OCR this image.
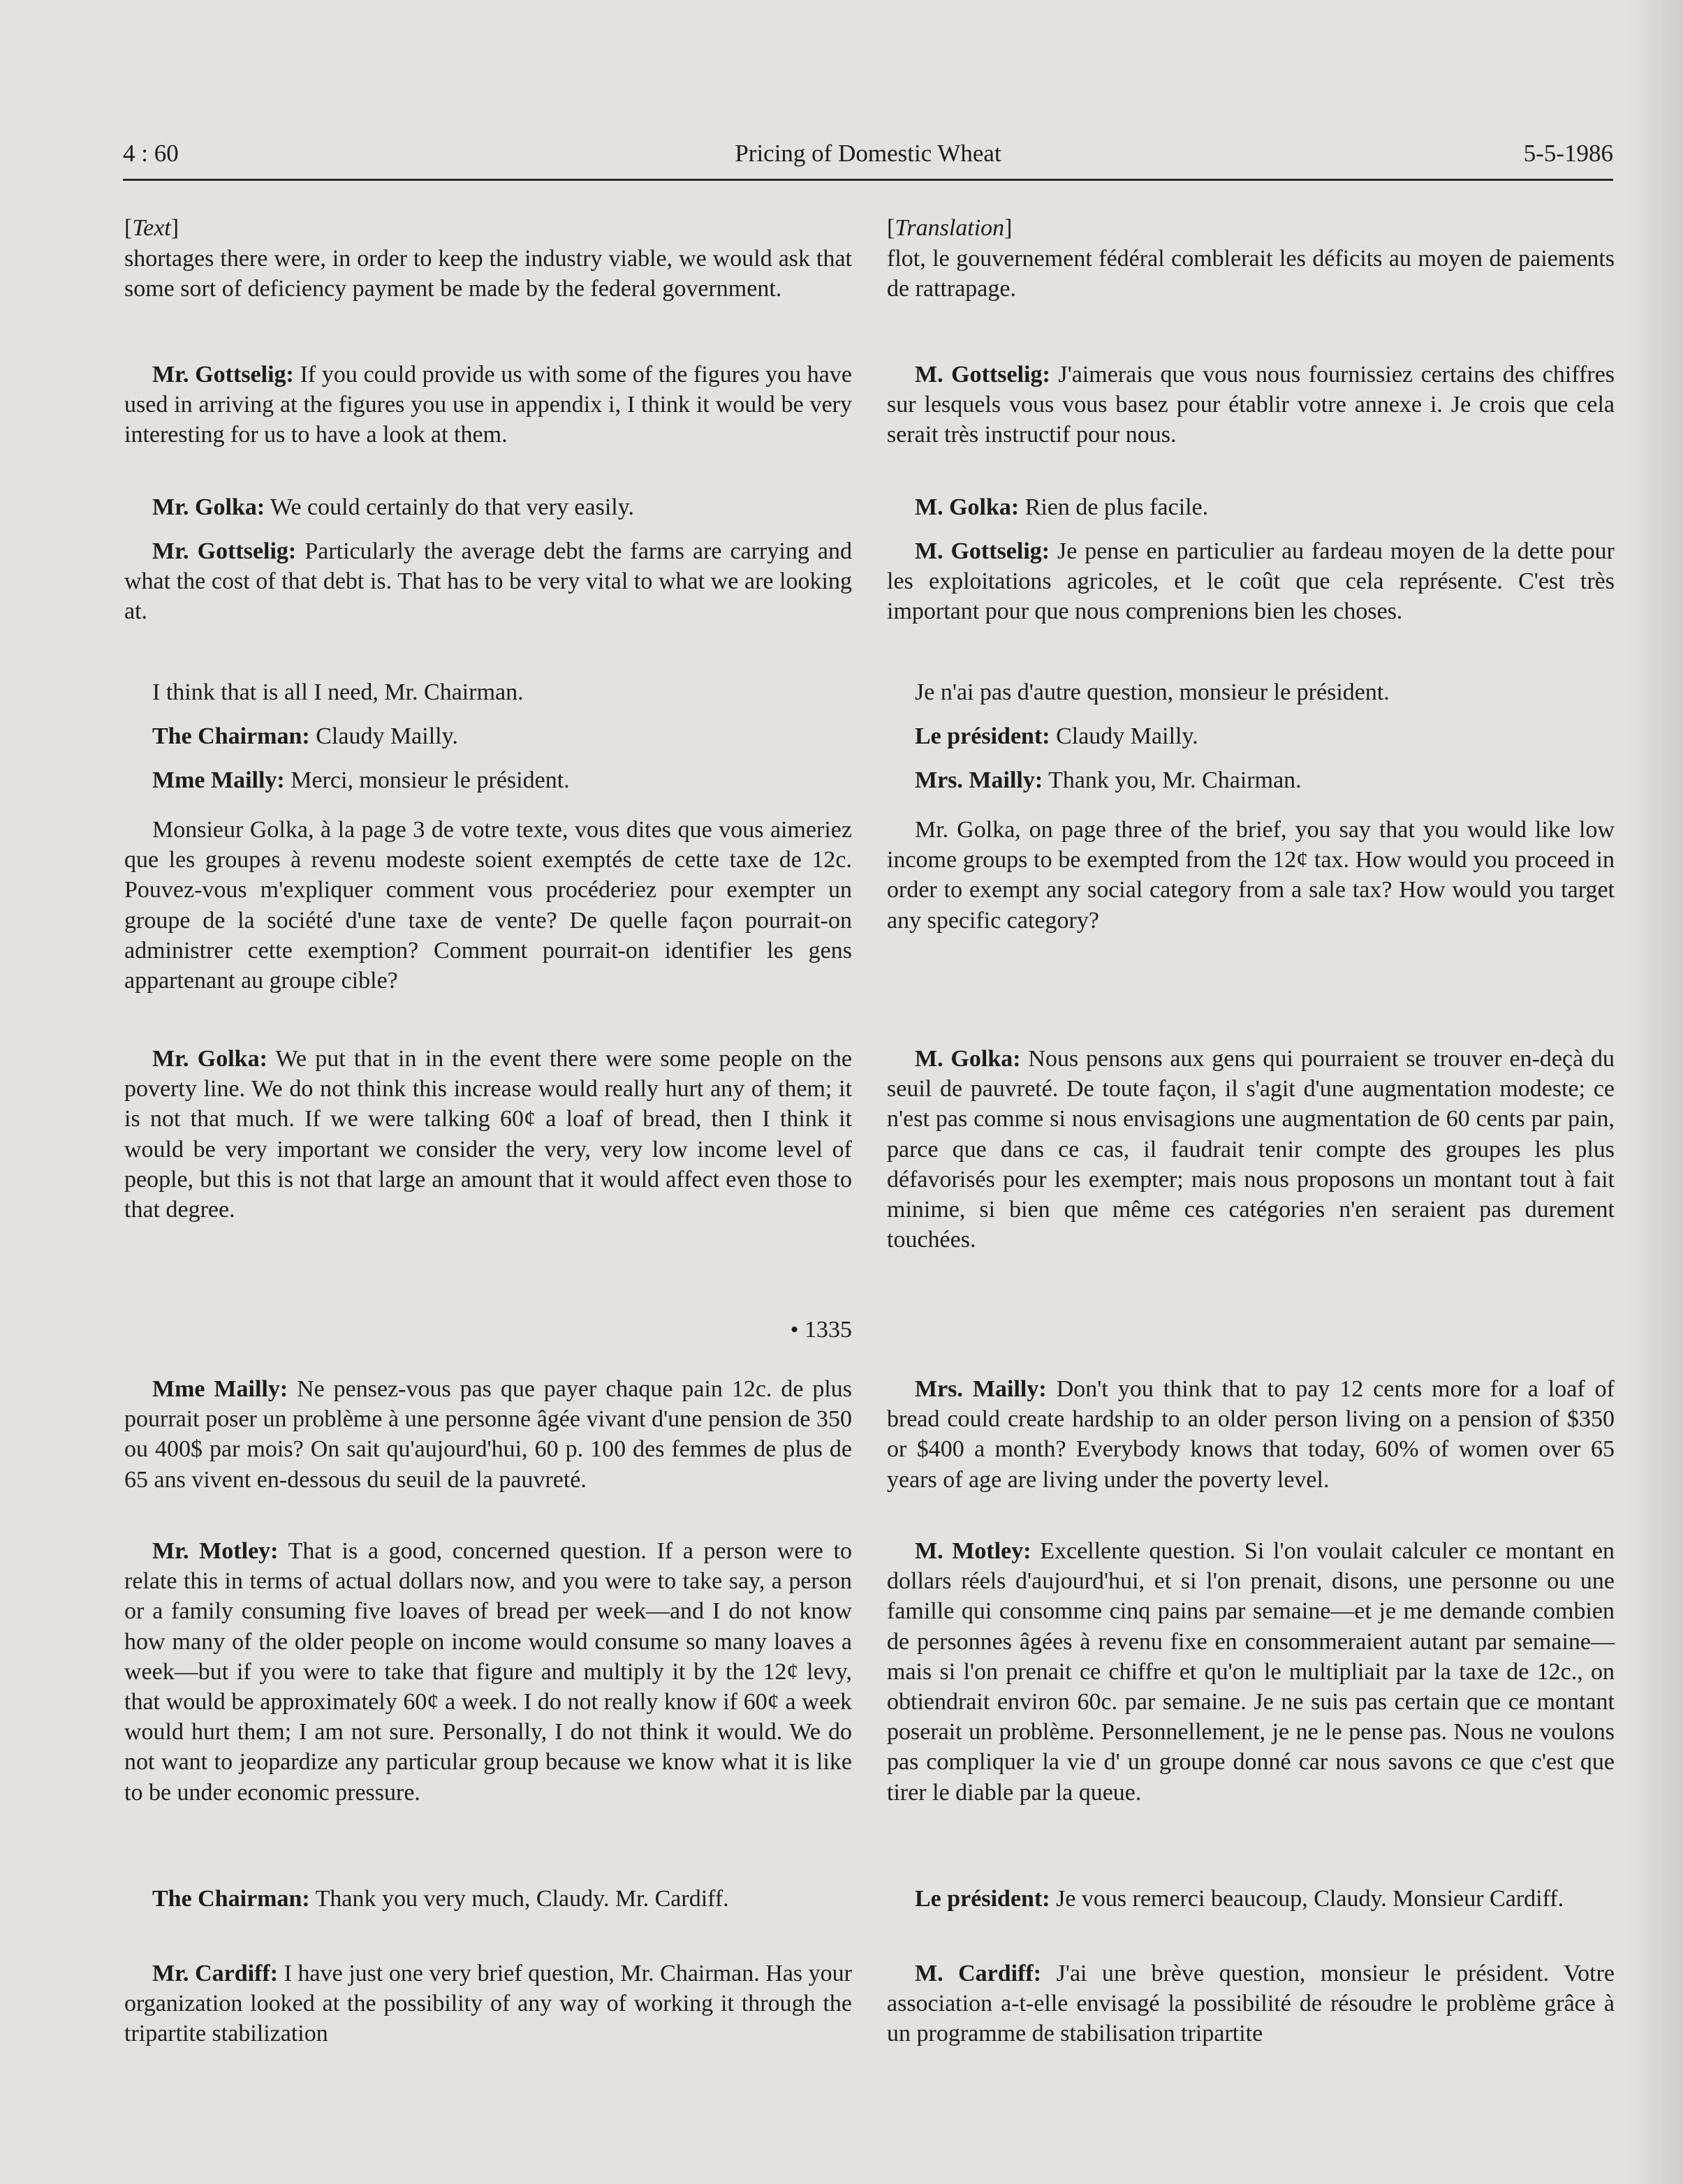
4 : 60	Pricing of Domestic Wheat	5-5-1986

[Text]

shortages there were, in order to keep the industry viable, we would ask that some sort of deficiency payment be made by the federal government.

Mr. Gottselig: If you could provide us with some of the figures you have used in arriving at the figures you use in appendix i, I think it would be very interesting for us to have a look at them.

Mr. Golka: We could certainly do that very easily.

Mr. Gottselig: Particularly the average debt the farms are carrying and what the cost of that debt is. That has to be very vital to what we are looking at.

I think that is all I need, Mr. Chairman.

The Chairman: Claudy Mailly.

Mme Mailly: Merci, monsieur le président.

Monsieur Golka, à la page 3 de votre texte, vous dites que vous aimeriez que les groupes à revenu modeste soient exemptés de cette taxe de 12c. Pouvez-vous m'expliquer comment vous procéderiez pour exempter un groupe de la société d'une taxe de vente? De quelle façon pourrait-on administrer cette exemption? Comment pourrait-on identifier les gens appartenant au groupe cible?

Mr. Golka: We put that in in the event there were some people on the poverty line. We do not think this increase would really hurt any of them; it is not that much. If we were talking 60¢ a loaf of bread, then I think it would be very important we consider the very, very low income level of people, but this is not that large an amount that it would affect even those to that degree.

• 1335

Mme Mailly: Ne pensez-vous pas que payer chaque pain 12c. de plus pourrait poser un problème à une personne âgée vivant d'une pension de 350 ou 400$ par mois? On sait qu'aujourd'hui, 60 p. 100 des femmes de plus de 65 ans vivent en-dessous du seuil de la pauvreté.

Mr. Motley: That is a good, concerned question. If a person were to relate this in terms of actual dollars now, and you were to take say, a person or a family consuming five loaves of bread per week—and I do not know how many of the older people on income would consume so many loaves a week—but if you were to take that figure and multiply it by the 12¢ levy, that would be approximately 60¢ a week. I do not really know if 60¢ a week would hurt them; I am not sure. Personally, I do not think it would. We do not want to jeopardize any particular group because we know what it is like to be under economic pressure.

The Chairman: Thank you very much, Claudy. Mr. Cardiff.

Mr. Cardiff: I have just one very brief question, Mr. Chairman. Has your organization looked at the possibility of any way of working it through the tripartite stabilization

[Translation]

flot, le gouvernement fédéral comblerait les déficits au moyen de paiements de rattrapage.

M. Gottselig: J'aimerais que vous nous fournissiez certains des chiffres sur lesquels vous vous basez pour établir votre annexe i. Je crois que cela serait très instructif pour nous.

M. Golka: Rien de plus facile.

M. Gottselig: Je pense en particulier au fardeau moyen de la dette pour les exploitations agricoles, et le coût que cela représente. C'est très important pour que nous comprenions bien les choses.

Je n'ai pas d'autre question, monsieur le président.

Le président: Claudy Mailly.

Mrs. Mailly: Thank you, Mr. Chairman.

Mr. Golka, on page three of the brief, you say that you would like low income groups to be exempted from the 12¢ tax. How would you proceed in order to exempt any social category from a sale tax? How would you target any specific category?

M. Golka: Nous pensons aux gens qui pourraient se trouver en-deçà du seuil de pauvreté. De toute façon, il s'agit d'une augmentation modeste; ce n'est pas comme si nous envisagions une augmentation de 60 cents par pain, parce que dans ce cas, il faudrait tenir compte des groupes les plus défavorisés pour les exempter; mais nous proposons un montant tout à fait minime, si bien que même ces catégories n'en seraient pas durement touchées.

Mrs. Mailly: Don't you think that to pay 12 cents more for a loaf of bread could create hardship to an older person living on a pension of $350 or $400 a month? Everybody knows that today, 60% of women over 65 years of age are living under the poverty level.

M. Motley: Excellente question. Si l'on voulait calculer ce montant en dollars réels d'aujourd'hui, et si l'on prenait, disons, une personne ou une famille qui consomme cinq pains par semaine—et je me demande combien de personnes âgées à revenu fixe en consommeraient autant par semaine—mais si l'on prenait ce chiffre et qu'on le multipliait par la taxe de 12c., on obtiendrait environ 60c. par semaine. Je ne suis pas certain que ce montant poserait un problème. Personnellement, je ne le pense pas. Nous ne voulons pas compliquer la vie d' un groupe donné car nous savons ce que c'est que tirer le diable par la queue.

Le président: Je vous remerci beaucoup, Claudy. Monsieur Cardiff.

M. Cardiff: J'ai une brève question, monsieur le président. Votre association a-t-elle envisagé la possibilité de résoudre le problème grâce à un programme de stabilisation tripartite
